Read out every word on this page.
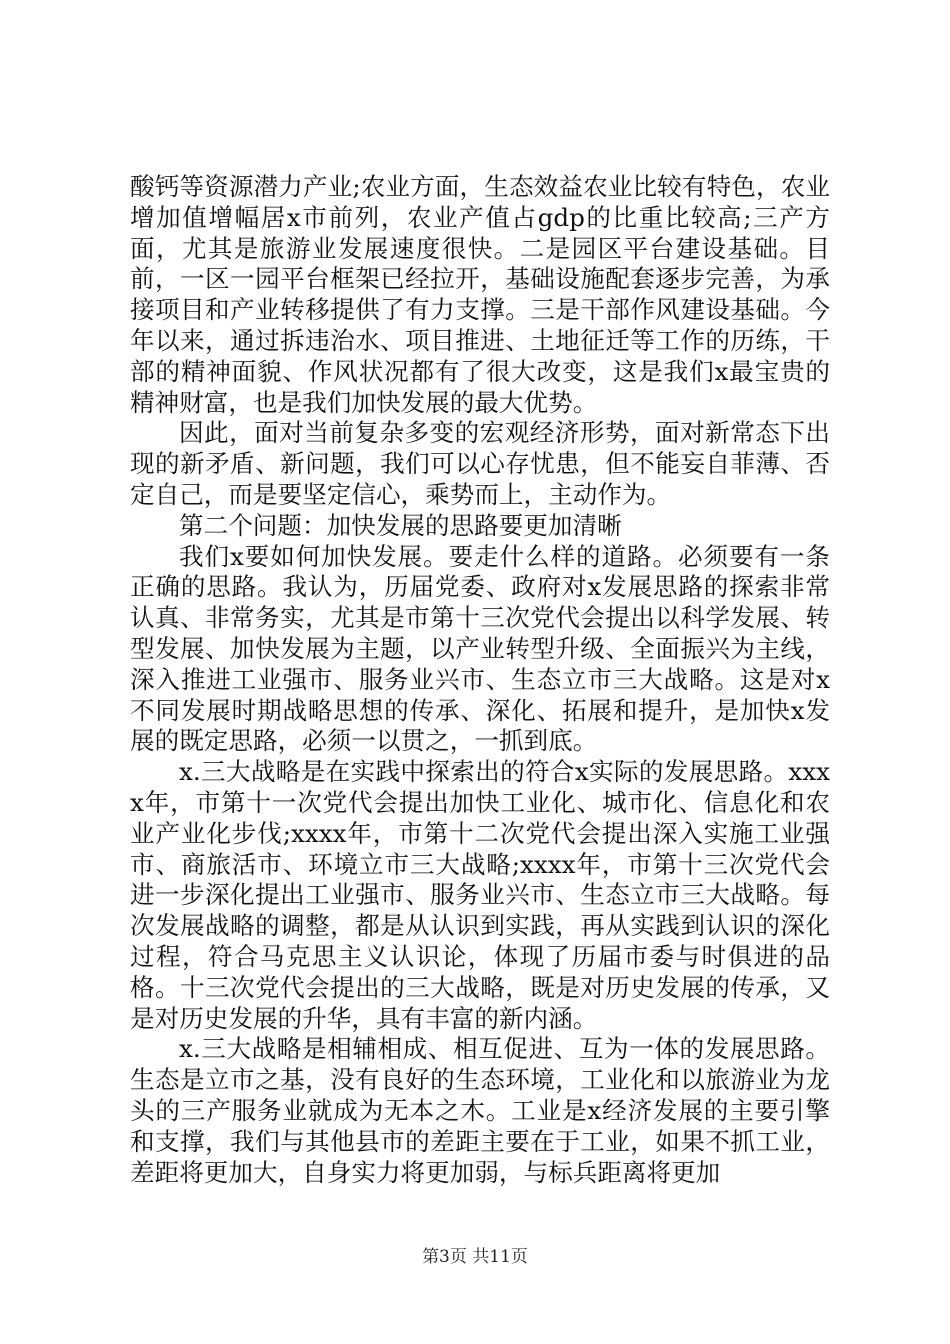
酸钙等资源潜力产业;农业方面，生态效益农业比较有特色，农业增加值增幅居x市前列，农业产值占gdp的比重比较高;三产方面，尤其是旅游业发展速度很快。二是园区平台建设基础。目前，一区一园平台框架已经拉开，基础设施配套逐步完善，为承接项目和产业转移提供了有力支撑。三是干部作风建设基础。今年以来，通过拆违治水、项目推进、土地征迁等工作的历练，干部的精神面貌、作风状况都有了很大改变，这是我们x最宝贵的精神财富，也是我们加快发展的最大优势。

因此，面对当前复杂多变的宏观经济形势，面对新常态下出现的新矛盾、新问题，我们可以心存忧患，但不能妄自菲薄、否定自己，而是要坚定信心，乘势而上，主动作为。

第二个问题：加快发展的思路要更加清晰

我们x要如何加快发展。要走什么样的道路。必须要有一条正确的思路。我认为，历届党委、政府对x发展思路的探索非常认真、非常务实，尤其是市第十三次党代会提出以科学发展、转型发展、加快发展为主题，以产业转型升级、全面振兴为主线，深入推进工业强市、服务业兴市、生态立市三大战略。这是对x不同发展时期战略思想的传承、深化、拓展和提升，是加快x发展的既定思路，必须一以贯之，一抓到底。

x.三大战略是在实践中探索出的符合x实际的发展思路。xxxx年，市第十一次党代会提出加快工业化、城市化、信息化和农业产业化步伐;xxxx年，市第十二次党代会提出深入实施工业强市、商旅活市、环境立市三大战略;xxxx年，市第十三次党代会进一步深化提出工业强市、服务业兴市、生态立市三大战略。每次发展战略的调整，都是从认识到实践，再从实践到认识的深化过程，符合马克思主义认识论，体现了历届市委与时俱进的品格。十三次党代会提出的三大战略，既是对历史发展的传承，又是对历史发展的升华，具有丰富的新内涵。

x.三大战略是相辅相成、相互促进、互为一体的发展思路。生态是立市之基，没有良好的生态环境，工业化和以旅游业为龙头的三产服务业就成为无本之木。工业是x经济发展的主要引擎和支撑，我们与其他县市的差距主要在于工业，如果不抓工业，差距将更加大，自身实力将更加弱，与标兵距离将更加

第3页 共11页
